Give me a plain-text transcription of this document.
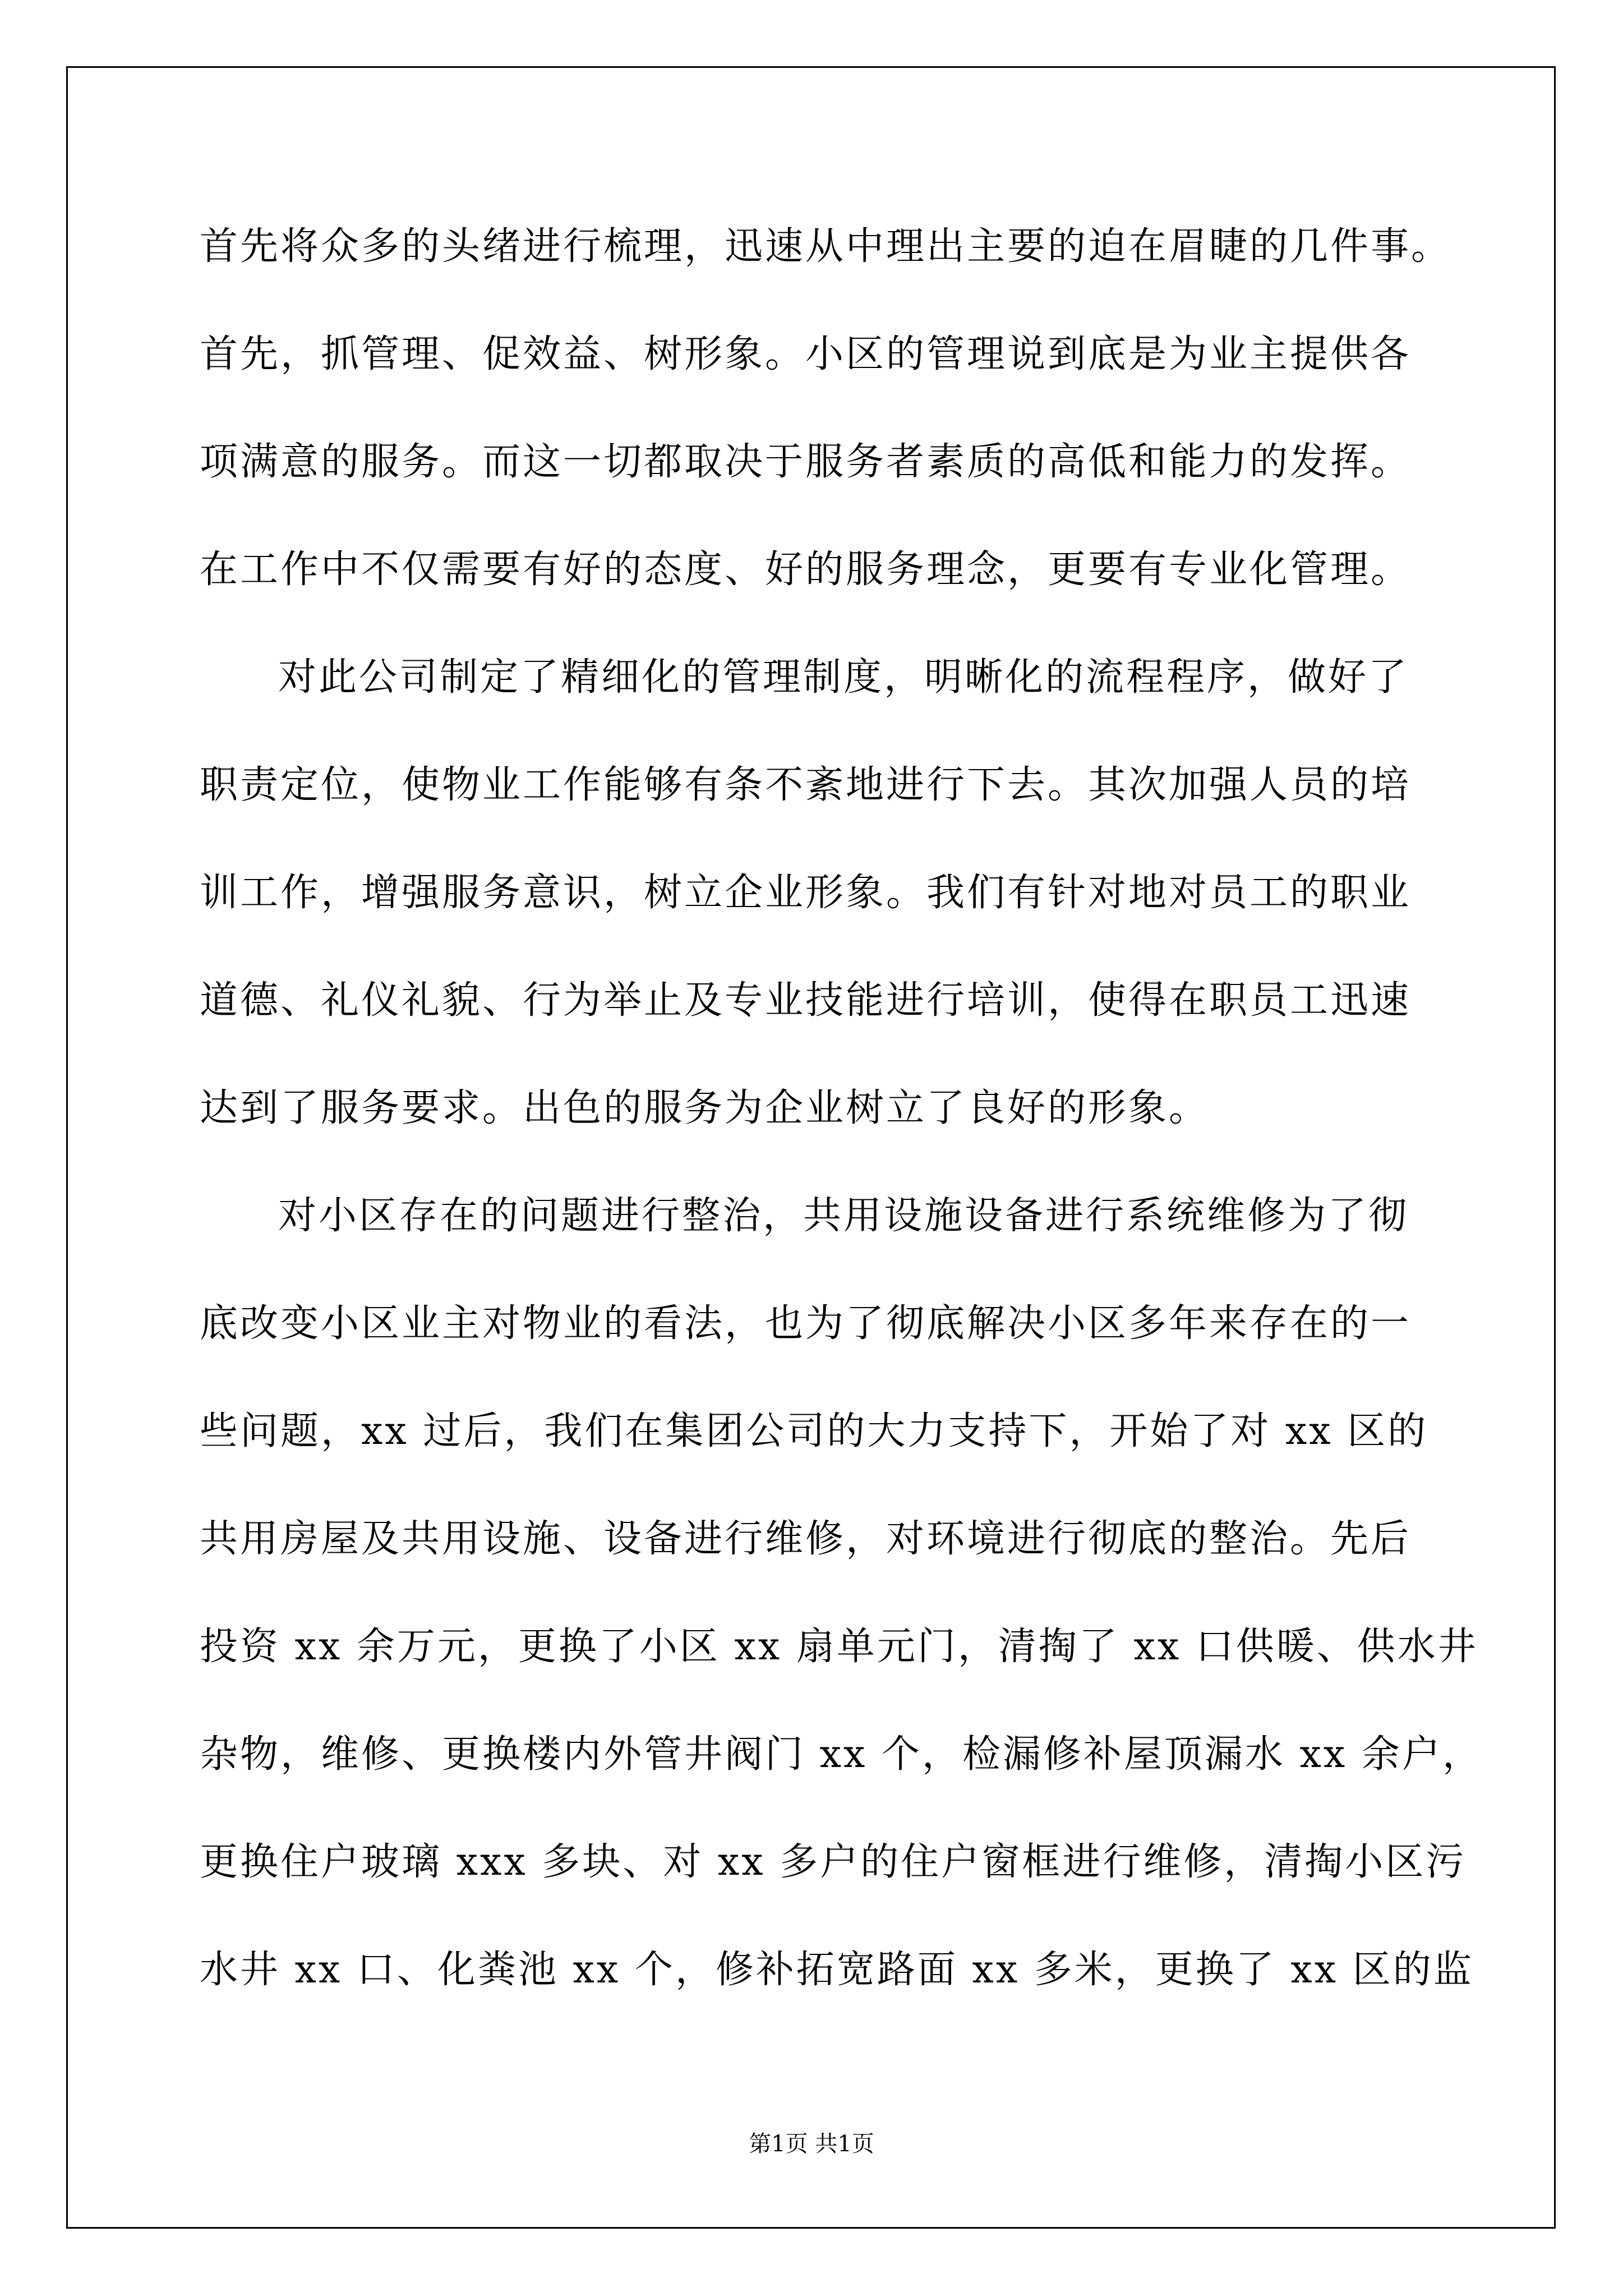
首先将众多的头绪进行梳理，迅速从中理出主要的迫在眉睫的几件事。
首先，抓管理、促效益、树形象。小区的管理说到底是为业主提供各
项满意的服务。而这一切都取决于服务者素质的高低和能力的发挥。
在工作中不仅需要有好的态度、好的服务理念，更要有专业化管理。
对此公司制定了精细化的管理制度，明晰化的流程程序，做好了
职责定位，使物业工作能够有条不紊地进行下去。其次加强人员的培
训工作，增强服务意识，树立企业形象。我们有针对地对员工的职业
道德、礼仪礼貌、行为举止及专业技能进行培训，使得在职员工迅速
达到了服务要求。出色的服务为企业树立了良好的形象。
对小区存在的问题进行整治，共用设施设备进行系统维修为了彻
底改变小区业主对物业的看法，也为了彻底解决小区多年来存在的一
些问题，xx 过后，我们在集团公司的大力支持下，开始了对 xx 区的
共用房屋及共用设施、设备进行维修，对环境进行彻底的整治。先后
投资 xx 余万元，更换了小区 xx 扇单元门，清掏了 xx 口供暖、供水井
杂物，维修、更换楼内外管井阀门 xx 个，检漏修补屋顶漏水 xx 余户，
更换住户玻璃 xxx 多块、对 xx 多户的住户窗框进行维修，清掏小区污
水井 xx 口、化粪池 xx 个，修补拓宽路面 xx 多米，更换了 xx 区的监
第1页 共1页
